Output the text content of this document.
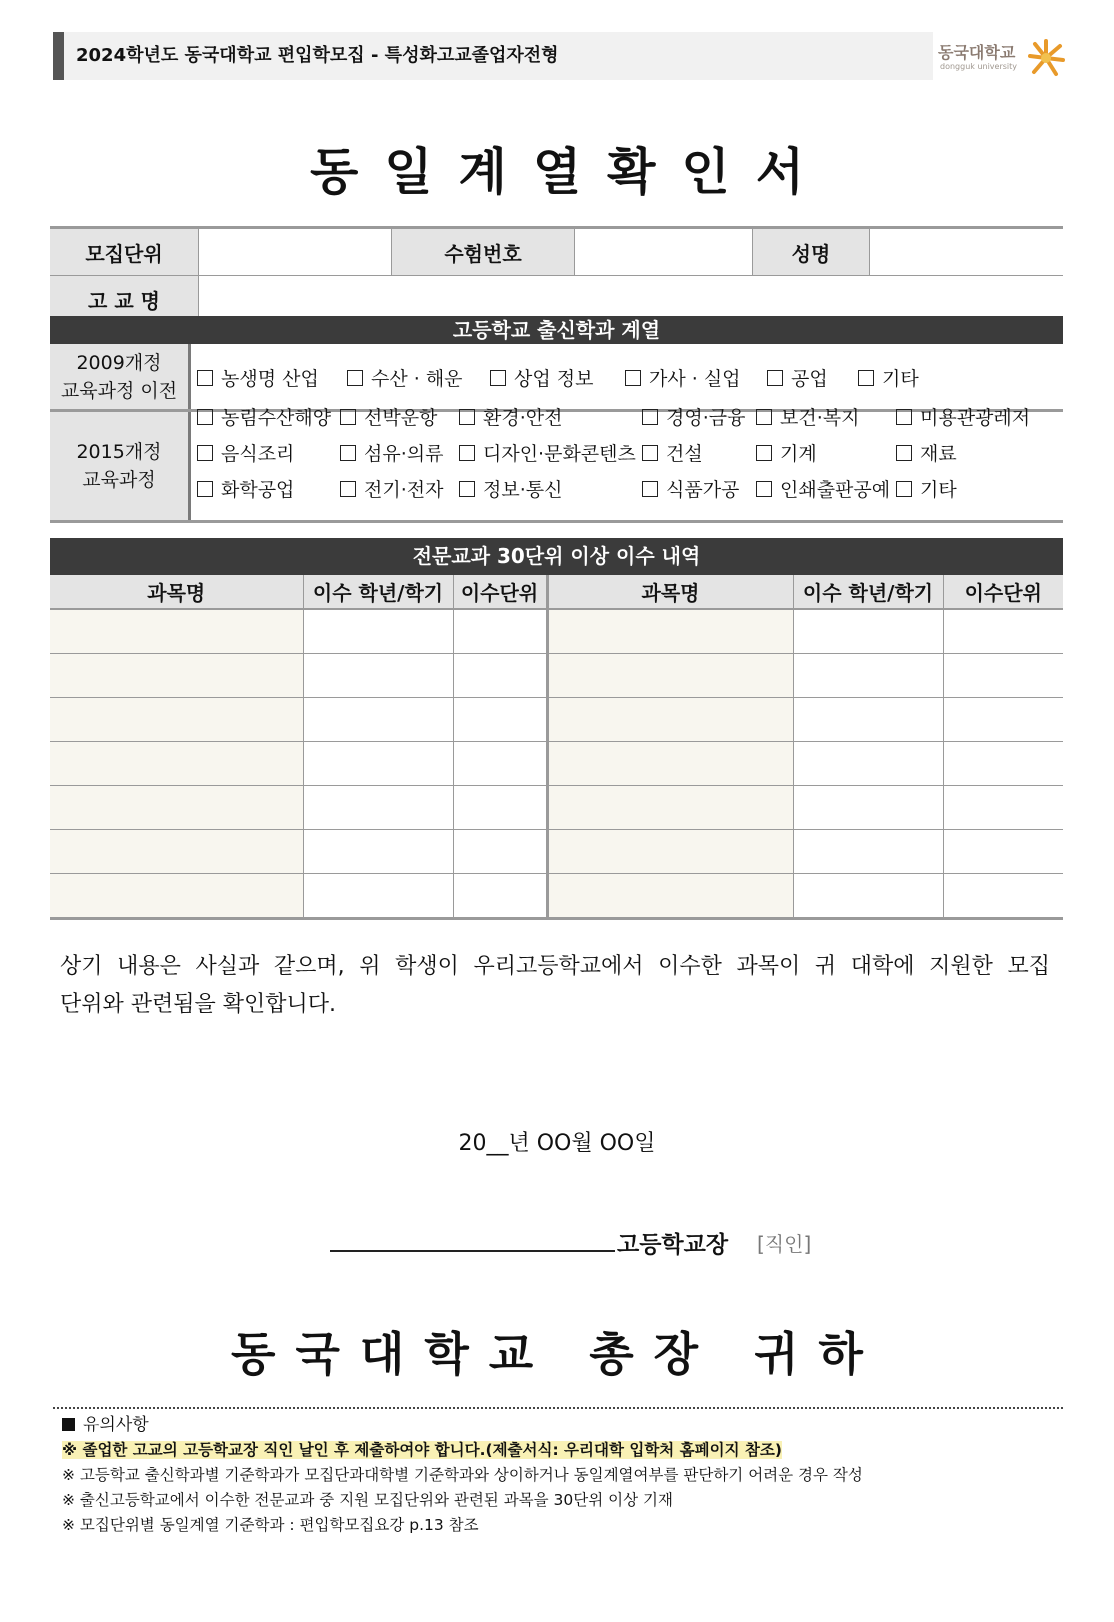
2024학년도 동국대학교 편입학모집 - 특성화고교졸업자전형	동국대학교
dongguk university
동일계열확인서
모집단위		수험번호		성명	
고 교 명					
고등학교 출신학과 계열
2009개정
교육과정 이전
농생명 산업	수산 · 해운	상업 정보	가사 · 실업	공업	기타
2015개정
교육과정
농림수산해양	선박운항	환경·안전	경영·금융	보건·복지	미용관광레저
음식조리	섬유·의류	디자인·문화콘텐츠	건설	기계	재료
화학공업	전기·전자	정보·통신	식품가공	인쇄출판공예	기타
전문교과 30단위 이상 이수 내역
과목명	이수 학년/학기	이수단위	과목명	이수 학년/학기	이수단위

상기 내용은 사실과 같으며, 위 학생이 우리고등학교에서 이수한 과목이 귀 대학에 지원한 모집
단위와 관련됨을 확인합니다.
20__년 OO월 OO일
고등학교장 [직인]
동국대학교 총장 귀하
유의사항
※ 졸업한 고교의 고등학교장 직인 날인 후 제출하여야 합니다.(제출서식: 우리대학 입학처 홈페이지 참조)
※ 고등학교 출신학과별 기준학과가 모집단과대학별 기준학과와 상이하거나 동일계열여부를 판단하기 어려운 경우 작성
※ 출신고등학교에서 이수한 전문교과 중 지원 모집단위와 관련된 과목을 30단위 이상 기재
※ 모집단위별 동일계열 기준학과 : 편입학모집요강 p.13 참조
